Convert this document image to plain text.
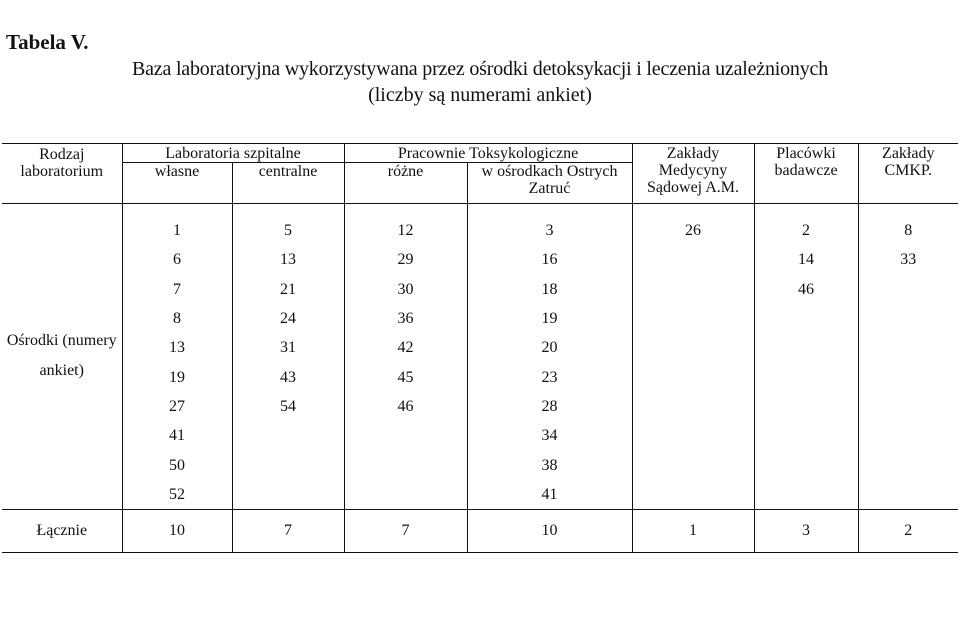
Tabela V.
Baza laboratoryjna wykorzystywana przez ośrodki detoksykacji i leczenia uzależnionych
(liczby są numerami ankiet)
Rodzaj laboratorium	Laboratoria szpitalne		Pracownie Toksykologiczne		Zakłady Medycyny Sądowej A.M.	Placówki badawcze	Zakłady CMKP.
	własne	centralne	różne	w ośrodkach Ostrych Zatruć			
Ośrodki (numery ankiet)	1	5	12	3	26	2	8
	6	13	29	16		14	33
	7	21	30	18		46	
	8	24	36	19			
	13	31	42	20			
	19	43	45	23			
	27	54	46	28			
	41			34			
	50			38			
	52			41			
Łącznie	10	7	7	10	1	3	2
